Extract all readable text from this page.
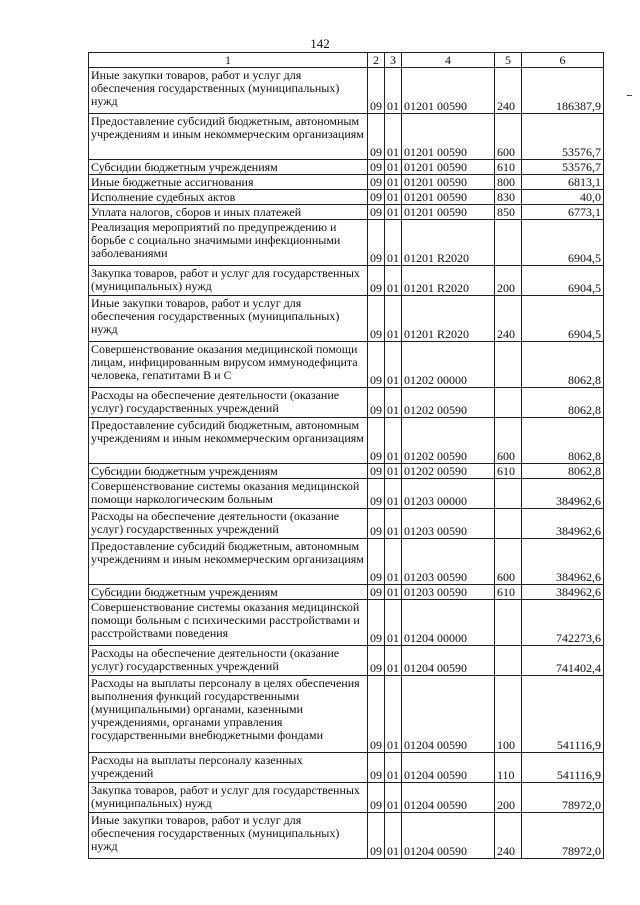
142
1	2	3	4	5	6
Иные закупки товаров, работ и услуг для обеспечения государственных (муниципальных) нужд	09	01	01201 00590	240	186387,9
Предоставление субсидий бюджетным, автономным учреждениям и иным некоммерческим организациям	09	01	01201 00590	600	53576,7
Субсидии бюджетным учреждениям	09	01	01201 00590	610	53576,7
Иные бюджетные ассигнования	09	01	01201 00590	800	6813,1
Исполнение судебных актов	09	01	01201 00590	830	40,0
Уплата налогов, сборов и иных платежей	09	01	01201 00590	850	6773,1
Реализация мероприятий по предупреждению и борьбе с социально значимыми инфекционными заболеваниями	09	01	01201 R2020		6904,5
Закупка товаров, работ и услуг для государственных (муниципальных) нужд	09	01	01201 R2020	200	6904,5
Иные закупки товаров, работ и услуг для обеспечения государственных (муниципальных) нужд	09	01	01201 R2020	240	6904,5
Совершенствование оказания медицинской помощи лицам, инфицированным вирусом иммунодефицита человека, гепатитами В и С	09	01	01202 00000		8062,8
Расходы на обеспечение деятельности (оказание услуг) государственных учреждений	09	01	01202 00590		8062,8
Предоставление субсидий бюджетным, автономным учреждениям и иным некоммерческим организациям	09	01	01202 00590	600	8062,8
Субсидии бюджетным учреждениям	09	01	01202 00590	610	8062,8
Совершенствование системы оказания медицинской помощи наркологическим больным	09	01	01203 00000		384962,6
Расходы на обеспечение деятельности (оказание услуг) государственных учреждений	09	01	01203 00590		384962,6
Предоставление субсидий бюджетным, автономным учреждениям и иным некоммерческим организациям	09	01	01203 00590	600	384962,6
Субсидии бюджетным учреждениям	09	01	01203 00590	610	384962,6
Совершенствование системы оказания медицинской помощи больным с психическими расстройствами и расстройствами поведения	09	01	01204 00000		742273,6
Расходы на обеспечение деятельности (оказание услуг) государственных учреждений	09	01	01204 00590		741402,4
Расходы на выплаты персоналу в целях обеспечения выполнения функций государственными (муниципальными) органами, казенными учреждениями, органами управления государственными внебюджетными фондами	09	01	01204 00590	100	541116,9
Расходы на выплаты персоналу казенных учреждений	09	01	01204 00590	110	541116,9
Закупка товаров, работ и услуг для государственных (муниципальных) нужд	09	01	01204 00590	200	78972,0
Иные закупки товаров, работ и услуг для обеспечения государственных (муниципальных) нужд	09	01	01204 00590	240	78972,0
